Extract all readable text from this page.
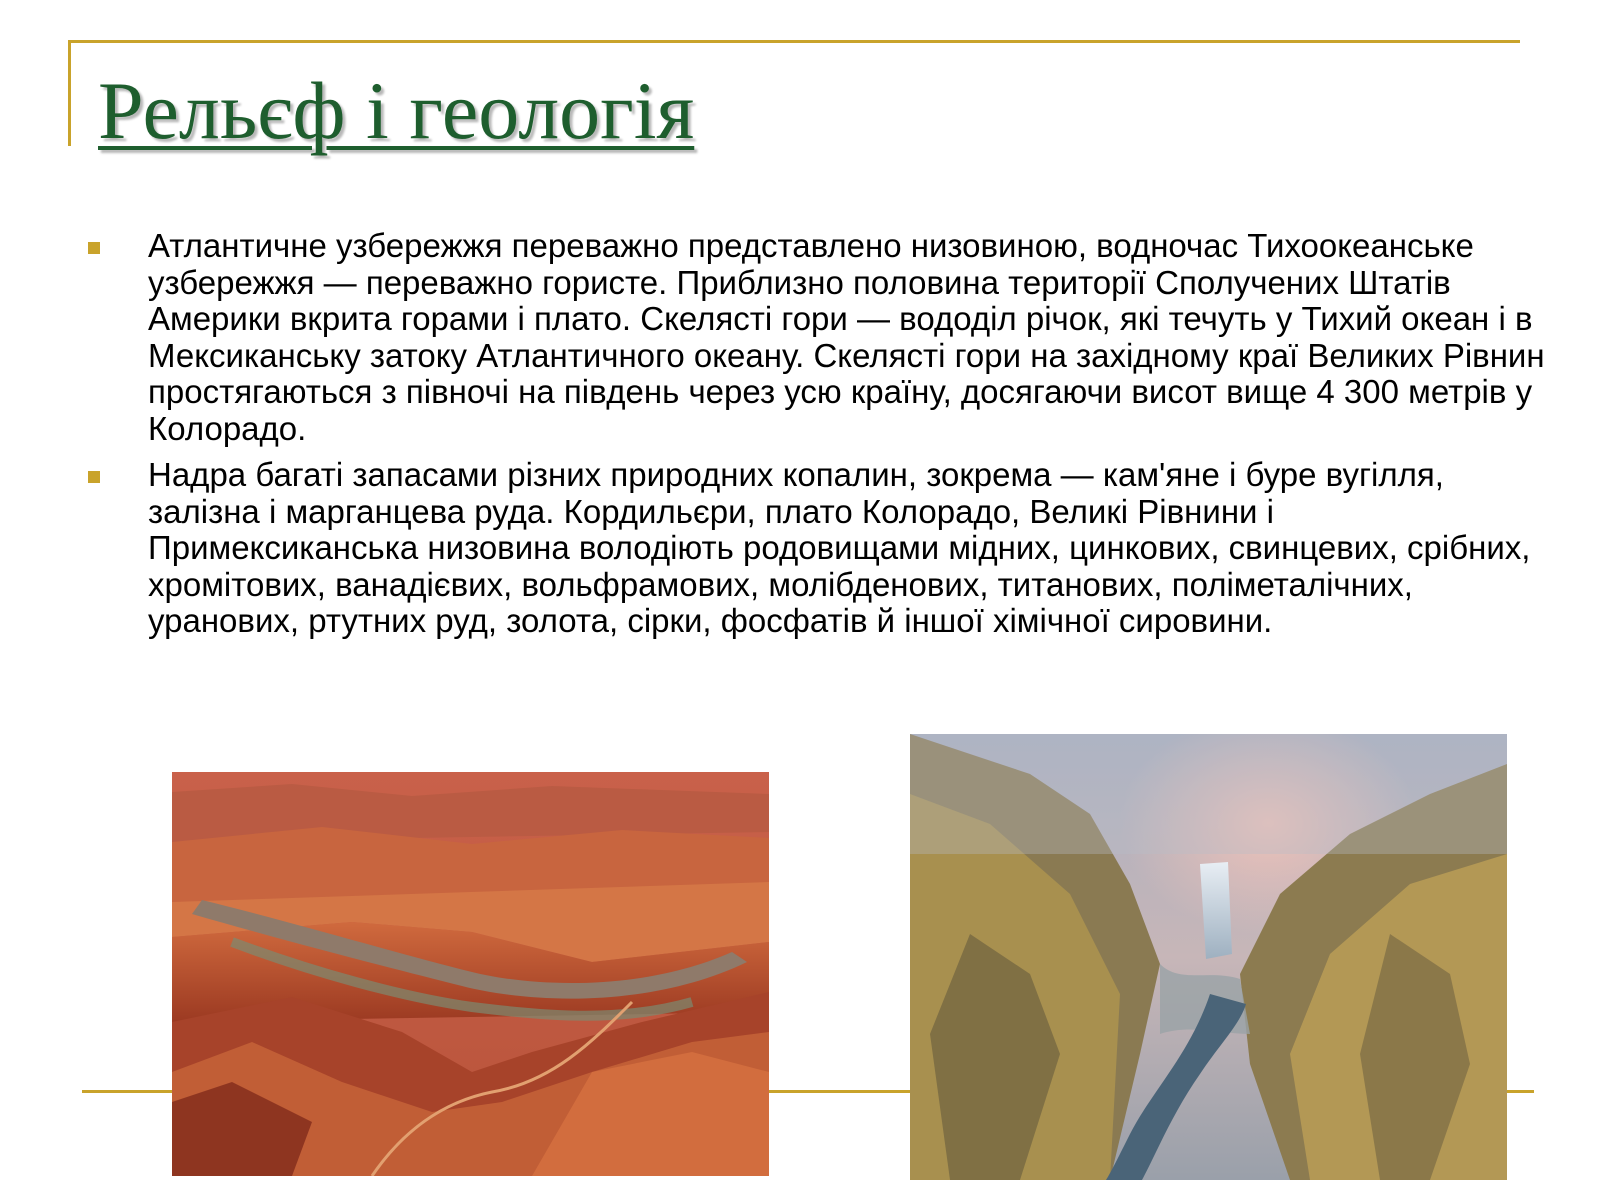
Рельєф і геологія
Атлантичне узбережжя переважно представлено низовиною, водночас Тихоокеанське узбережжя — переважно гористе. Приблизно половина території Сполучених Штатів Америки вкрита горами і плато. Скелясті гори — вододіл річок, які течуть у Тихий океан і в Мексиканську затоку Атлантичного океану. Скелясті гори на західному краї Великих Рівнин простягаються з півночі на південь через усю країну, досягаючи висот вище 4 300 метрів у Колорадо.
Надра багаті запасами різних природних копалин, зокрема — кам'яне і буре вугілля, залізна і марганцева руда. Кордильєри, плато Колорадо, Великі Рівнини і Примексиканська низовина володіють родовищами мідних, цинкових, свинцевих, срібних, хромітових, ванадієвих, вольфрамових, молібденових, титанових, поліметалічних, уранових, ртутних руд, золота, сірки, фосфатів й іншої хімічної сировини.
